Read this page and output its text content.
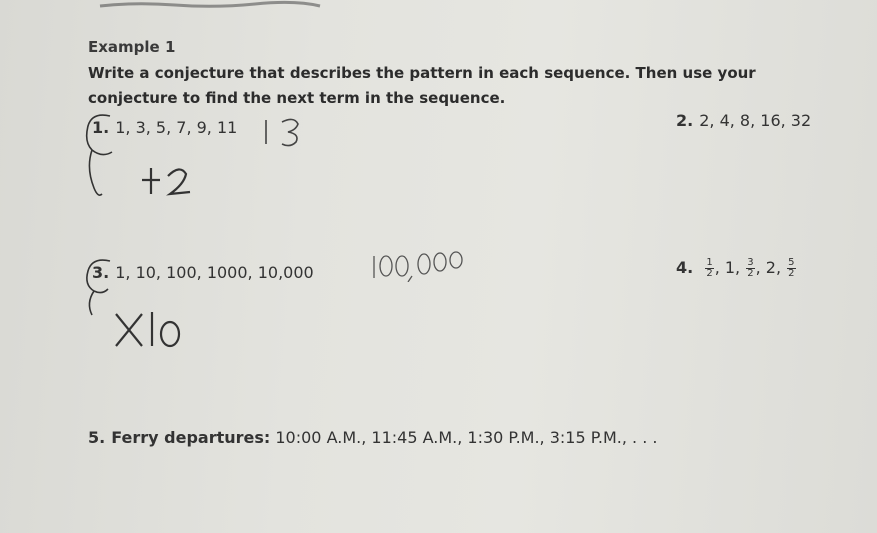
Example 1
Write a conjecture that describes the pattern in each sequence. Then use your
conjecture to find the next term in the sequence.
1. 1, 3, 5, 7, 9, 11	2. 2, 4, 8, 16, 32
3. 1, 10, 100, 1000, 10,000	4. $\frac{1}{2}$ , 1, $\frac{3}{2}$ , 2, $\frac{5}{2}$
5. Ferry departures: 10:00 A.M., 11:45 A.M., 1:30 P.M., 3:15 P.M., . . .
